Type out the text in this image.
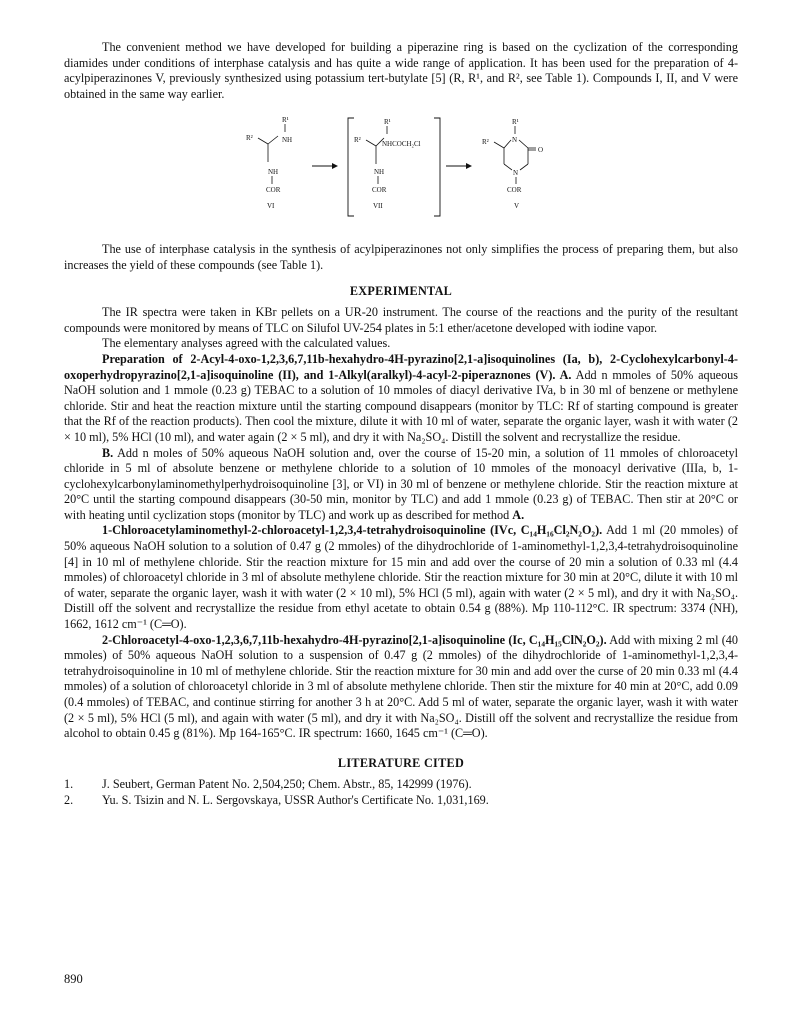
The convenient method we have developed for building a piperazine ring is based on the cyclization of the corresponding diamides under conditions of interphase catalysis and has quite a wide range of application. It has been used for the preparation of 4-acylpiperazinones V, previously synthesized using potassium tert-butylate [5] (R, R¹, and R², see Table 1). Compounds I, II, and V were obtained in the same way earlier.

R¹
R²	NH
NH
COR
VI
R¹
R²	NHCOCH₂Cl
NH
COR
VII
R¹
R²	N
O
N
COR
V

The use of interphase catalysis in the synthesis of acylpiperazinones not only simplifies the process of preparing them, but also increases the yield of these compounds (see Table 1).

EXPERIMENTAL

The IR spectra were taken in KBr pellets on a UR-20 instrument. The course of the reactions and the purity of the resultant compounds were monitored by means of TLC on Silufol UV-254 plates in 5:1 ether/acetone developed with iodine vapor.

The elementary analyses agreed with the calculated values.

Preparation of 2-Acyl-4-oxo-1,2,3,6,7,11b-hexahydro-4H-pyrazino[2,1-a]isoquinolines (Ia, b), 2-Cyclohexylcarbonyl-4-oxoperhydropyrazino[2,1-a]isoquinoline (II), and 1-Alkyl(aralkyl)-4-acyl-2-piperaznones (V). A. Add n mmoles of 50% aqueous NaOH solution and 1 mmole (0.23 g) TEBAC to a solution of 10 mmoles of diacyl derivative IVa, b in 30 ml of benzene or methylene chloride. Stir and heat the reaction mixture until the starting compound disappears (monitor by TLC: Rf of starting compound is greater that the Rf of the reaction products). Then cool the mixture, dilute it with 10 ml of water, separate the organic layer, wash it with water (2 × 10 ml), 5% HCl (10 ml), and water again (2 × 5 ml), and dry it with Na₂SO₄. Distill the solvent and recrystallize the residue.

B. Add n moles of 50% aqueous NaOH solution and, over the course of 15-20 min, a solution of 11 mmoles of chloroacetyl chloride in 5 ml of absolute benzene or methylene chloride to a solution of 10 mmoles of the monoacyl derivative (IIIa, b, 1-cyclohexylcarbonylaminomethylperhydroisoquinoline [3], or VI) in 30 ml of benzene or methylene chloride. Stir the reaction mixture at 20°C until the starting compound disappears (30-50 min, monitor by TLC) and add 1 mmole (0.23 g) of TEBAC. Then stir at 20°C or with heating until cyclization stops (monitor by TLC) and work up as described for method A.

1-Chloroacetylaminomethyl-2-chloroacetyl-1,2,3,4-tetrahydroisoquinoline (IVc, C₁₄H₁₆Cl₂N₂O₂). Add 1 ml (20 mmoles) of 50% aqueous NaOH solution to a solution of 0.47 g (2 mmoles) of the dihydrochloride of 1-aminomethyl-1,2,3,4-tetrahydroisoquinoline [4] in 10 ml of methylene chloride. Stir the reaction mixture for 15 min and add over the course of 20 min a solution of 0.33 ml (4.4 mmoles) of chloroacetyl chloride in 3 ml of absolute methylene chloride. Stir the reaction mixture for 30 min at 20°C, dilute it with 10 ml of water, separate the organic layer, wash it with water (2 × 10 ml), 5% HCl (5 ml), again with water (2 × 5 ml), and dry it with Na₂SO₄. Distill off the solvent and recrystallize the residue from ethyl acetate to obtain 0.54 g (88%). Mp 110-112°C. IR spectrum: 3374 (NH), 1662, 1612 cm⁻¹ (C═O).

2-Chloroacetyl-4-oxo-1,2,3,6,7,11b-hexahydro-4H-pyrazino[2,1-a]isoquinoline (Ic, C₁₄H₁₅ClN₂O₂). Add with mixing 2 ml (40 mmoles) of 50% aqueous NaOH solution to a suspension of 0.47 g (2 mmoles) of the dihydrochloride of 1-aminomethyl-1,2,3,4-tetrahydroisoquinoline in 10 ml of methylene chloride. Stir the reaction mixture for 30 min and add over the curse of 20 min 0.33 ml (4.4 mmoles) of a solution of chloroacetyl chloride in 3 ml of absolute methylene chloride. Then stir the mixture for 40 min at 20°C, add 0.09 (0.4 mmoles) of TEBAC, and continue stirring for another 3 h at 20°C. Add 5 ml of water, separate the organic layer, wash it with water (2 × 5 ml), 5% HCl (5 ml), and again with water (5 ml), and dry it with Na₂SO₄. Distill off the solvent and recrystallize the residue from alcohol to obtain 0.45 g (81%). Mp 164-165°C. IR spectrum: 1660, 1645 cm⁻¹ (C═O).

LITERATURE CITED
1.	J. Seubert, German Patent No. 2,504,250; Chem. Abstr., 85, 142999 (1976).
2.	Yu. S. Tsizin and N. L. Sergovskaya, USSR Author's Certificate No. 1,031,169.
890
